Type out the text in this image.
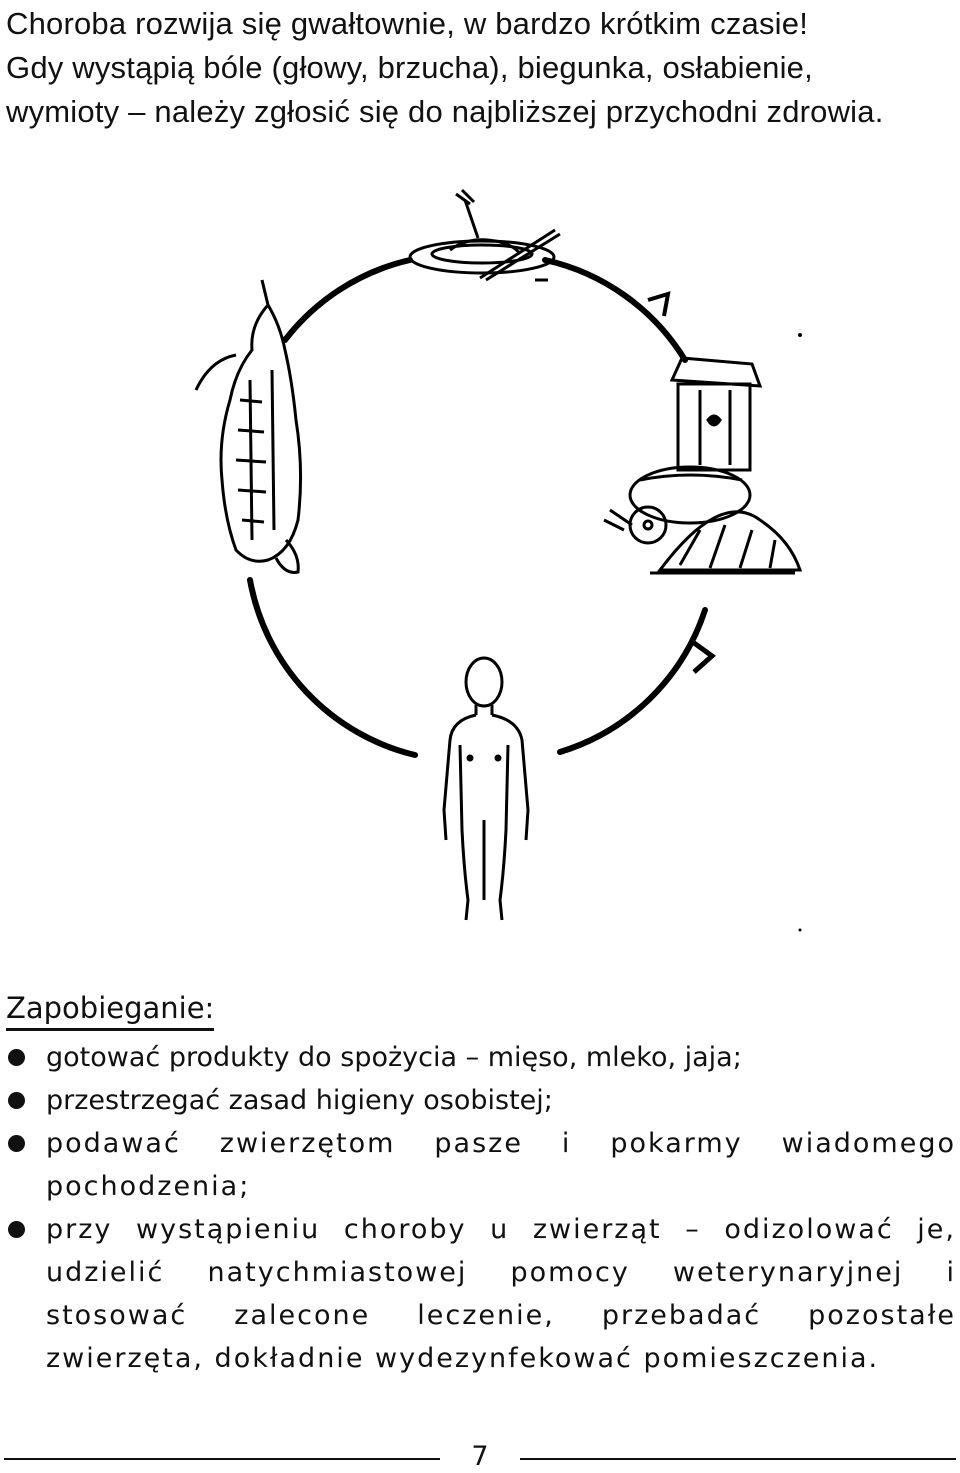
Choroba rozwija się gwałtownie, w bardzo krótkim czasie!

Gdy wystąpią bóle (głowy, brzucha), biegunka, osłabienie,

wymioty – należy zgłosić się do najbliższej przychodni zdrowia.

Zapobieganie:
gotować produkty do spożycia – mięso, mleko, jaja;
przestrzegać zasad higieny osobistej;
podawać zwierzętom pasze i pokarmy wiadomego pochodzenia;
przy wystąpieniu choroby u zwierząt – odizolować je, udzielić natychmiastowej pomocy weterynaryjnej i stosować zalecone leczenie, przebadać pozostałe zwierzęta, dokładnie wydezynfekować pomieszczenia.
7
